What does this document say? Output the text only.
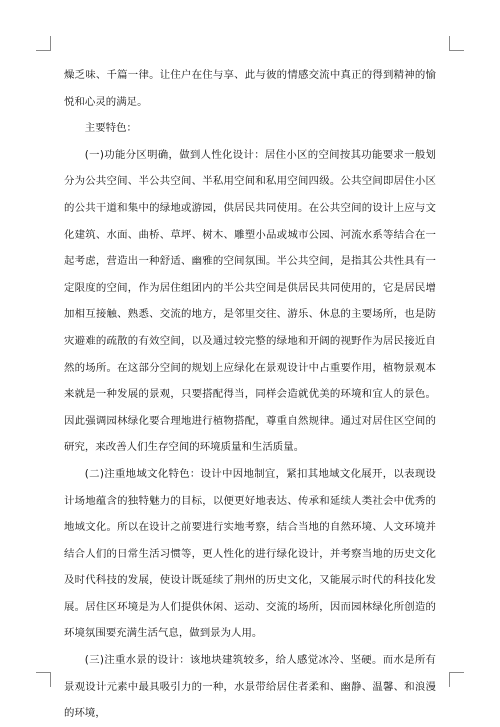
燥乏味、千篇一律。让住户在住与享、此与彼的情感交流中真正的得到精神的愉悦和心灵的满足。

主要特色：

(一)功能分区明确，做到人性化设计：居住小区的空间按其功能要求一般划分为公共空间、半公共空间、半私用空间和私用空间四级。公共空间即居住小区的公共干道和集中的绿地或游园，供居民共同使用。在公共空间的设计上应与文化建筑、水面、曲桥、草坪、树木、雕塑小品或城市公园、河流水系等结合在一起考虑，营造出一种舒适、幽雅的空间氛围。半公共空间，是指其公共性具有一定限度的空间，作为居住组团内的半公共空间是供居民共同使用的，它是居民增加相互接触、熟悉、交流的地方，是邻里交往、游乐、休息的主要场所，也是防灾避难的疏散的有效空间，以及通过较完整的绿地和开阔的视野作为居民接近自然的场所。在这部分空间的规划上应绿化在景观设计中占重要作用，植物景观本来就是一种发展的景观，只要搭配得当，同样会造就优美的环境和宜人的景色。因此强调园林绿化要合理地进行植物搭配，尊重自然规律。通过对居住区空间的研究，来改善人们生存空间的环境质量和生活质量。

(二)注重地域文化特色：设计中因地制宜，紧扣其地域文化展开，以表现设计场地蕴含的独特魅力的目标，以便更好地表达、传承和延续人类社会中优秀的地域文化。所以在设计之前要进行实地考察，结合当地的自然环境、人文环境并结合人们的日常生活习惯等，更人性化的进行绿化设计，并考察当地的历史文化及时代科技的发展，使设计既延续了荆州的历史文化，又能展示时代的科技化发展。居住区环境是为人们提供休闲、运动、交流的场所，因而园林绿化所创造的环境氛围要充满生活气息，做到景为人用。

(三)注重水景的设计：该地块建筑较多，给人感觉冰冷、坚硬。而水是所有景观设计元素中最具吸引力的一种，水景带给居住者柔和、幽静、温馨、和浪漫的环境，
